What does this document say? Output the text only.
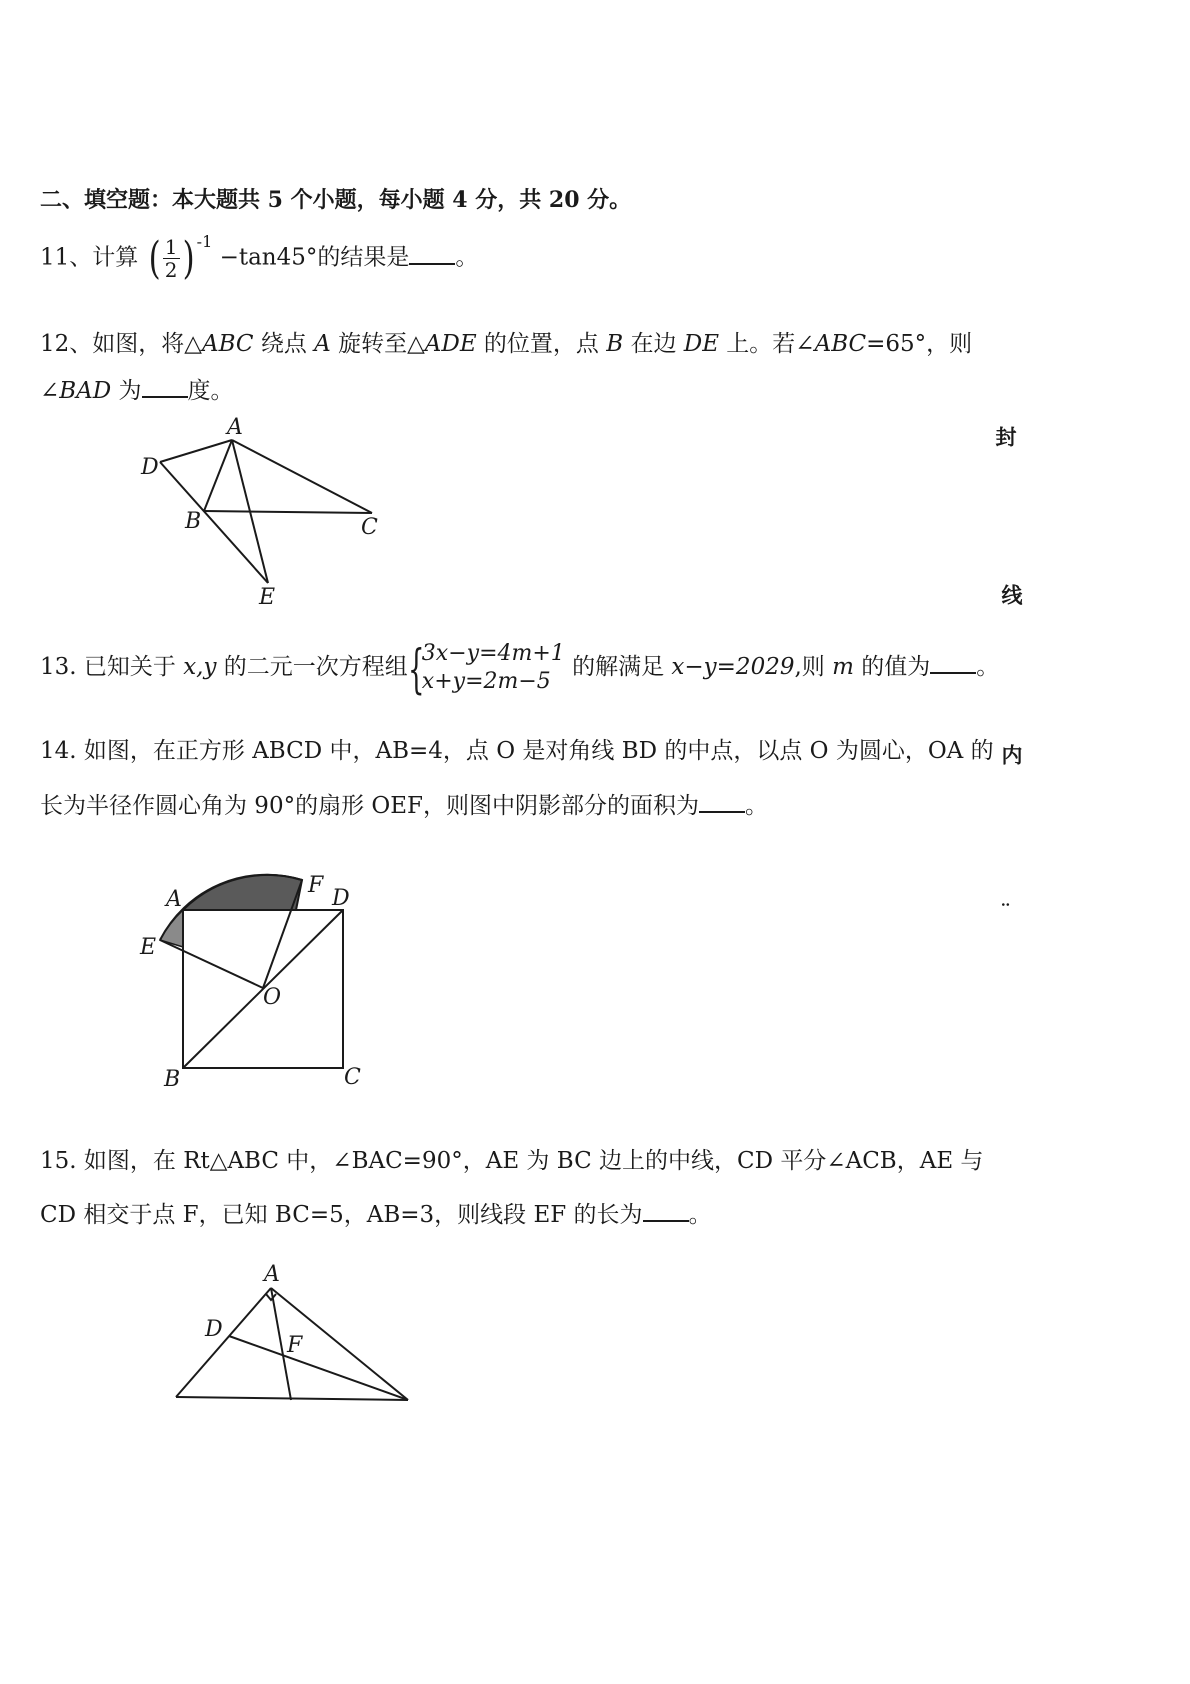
二、填空题：本大题共 5 个小题，每小题 4 分，共 20 分。
11、计算 ( $\frac{1}{2}$ ) $^{-1}$ −tan45°的结果是 。
12、如图，将△ABC 绕点 A 旋转至△ADE 的位置，点 B 在边 DE 上。若∠ABC=65°，则
∠BAD 为 度。
A
D
B	C
E
13. 已知关于 x,y 的二元一次方程组 {
3x−y=4m+1
x+y=2m−5
的解满足 x−y=2029,则 m 的值为 。
14. 如图，在正方形 ABCD 中，AB=4，点 O 是对角线 BD 的中点，以点 O 为圆心，OA 的
长为半径作圆心角为 90°的扇形 OEF，则图中阴影部分的面积为 。
A
F
D
E
O
B	C
15. 如图，在 Rt△ABC 中，∠BAC=90°，AE 为 BC 边上的中线，CD 平分∠ACB，AE 与
CD 相交于点 F，已知 BC=5，AB=3，则线段 EF 的长为 。
A
D
F
封
线
内
:
